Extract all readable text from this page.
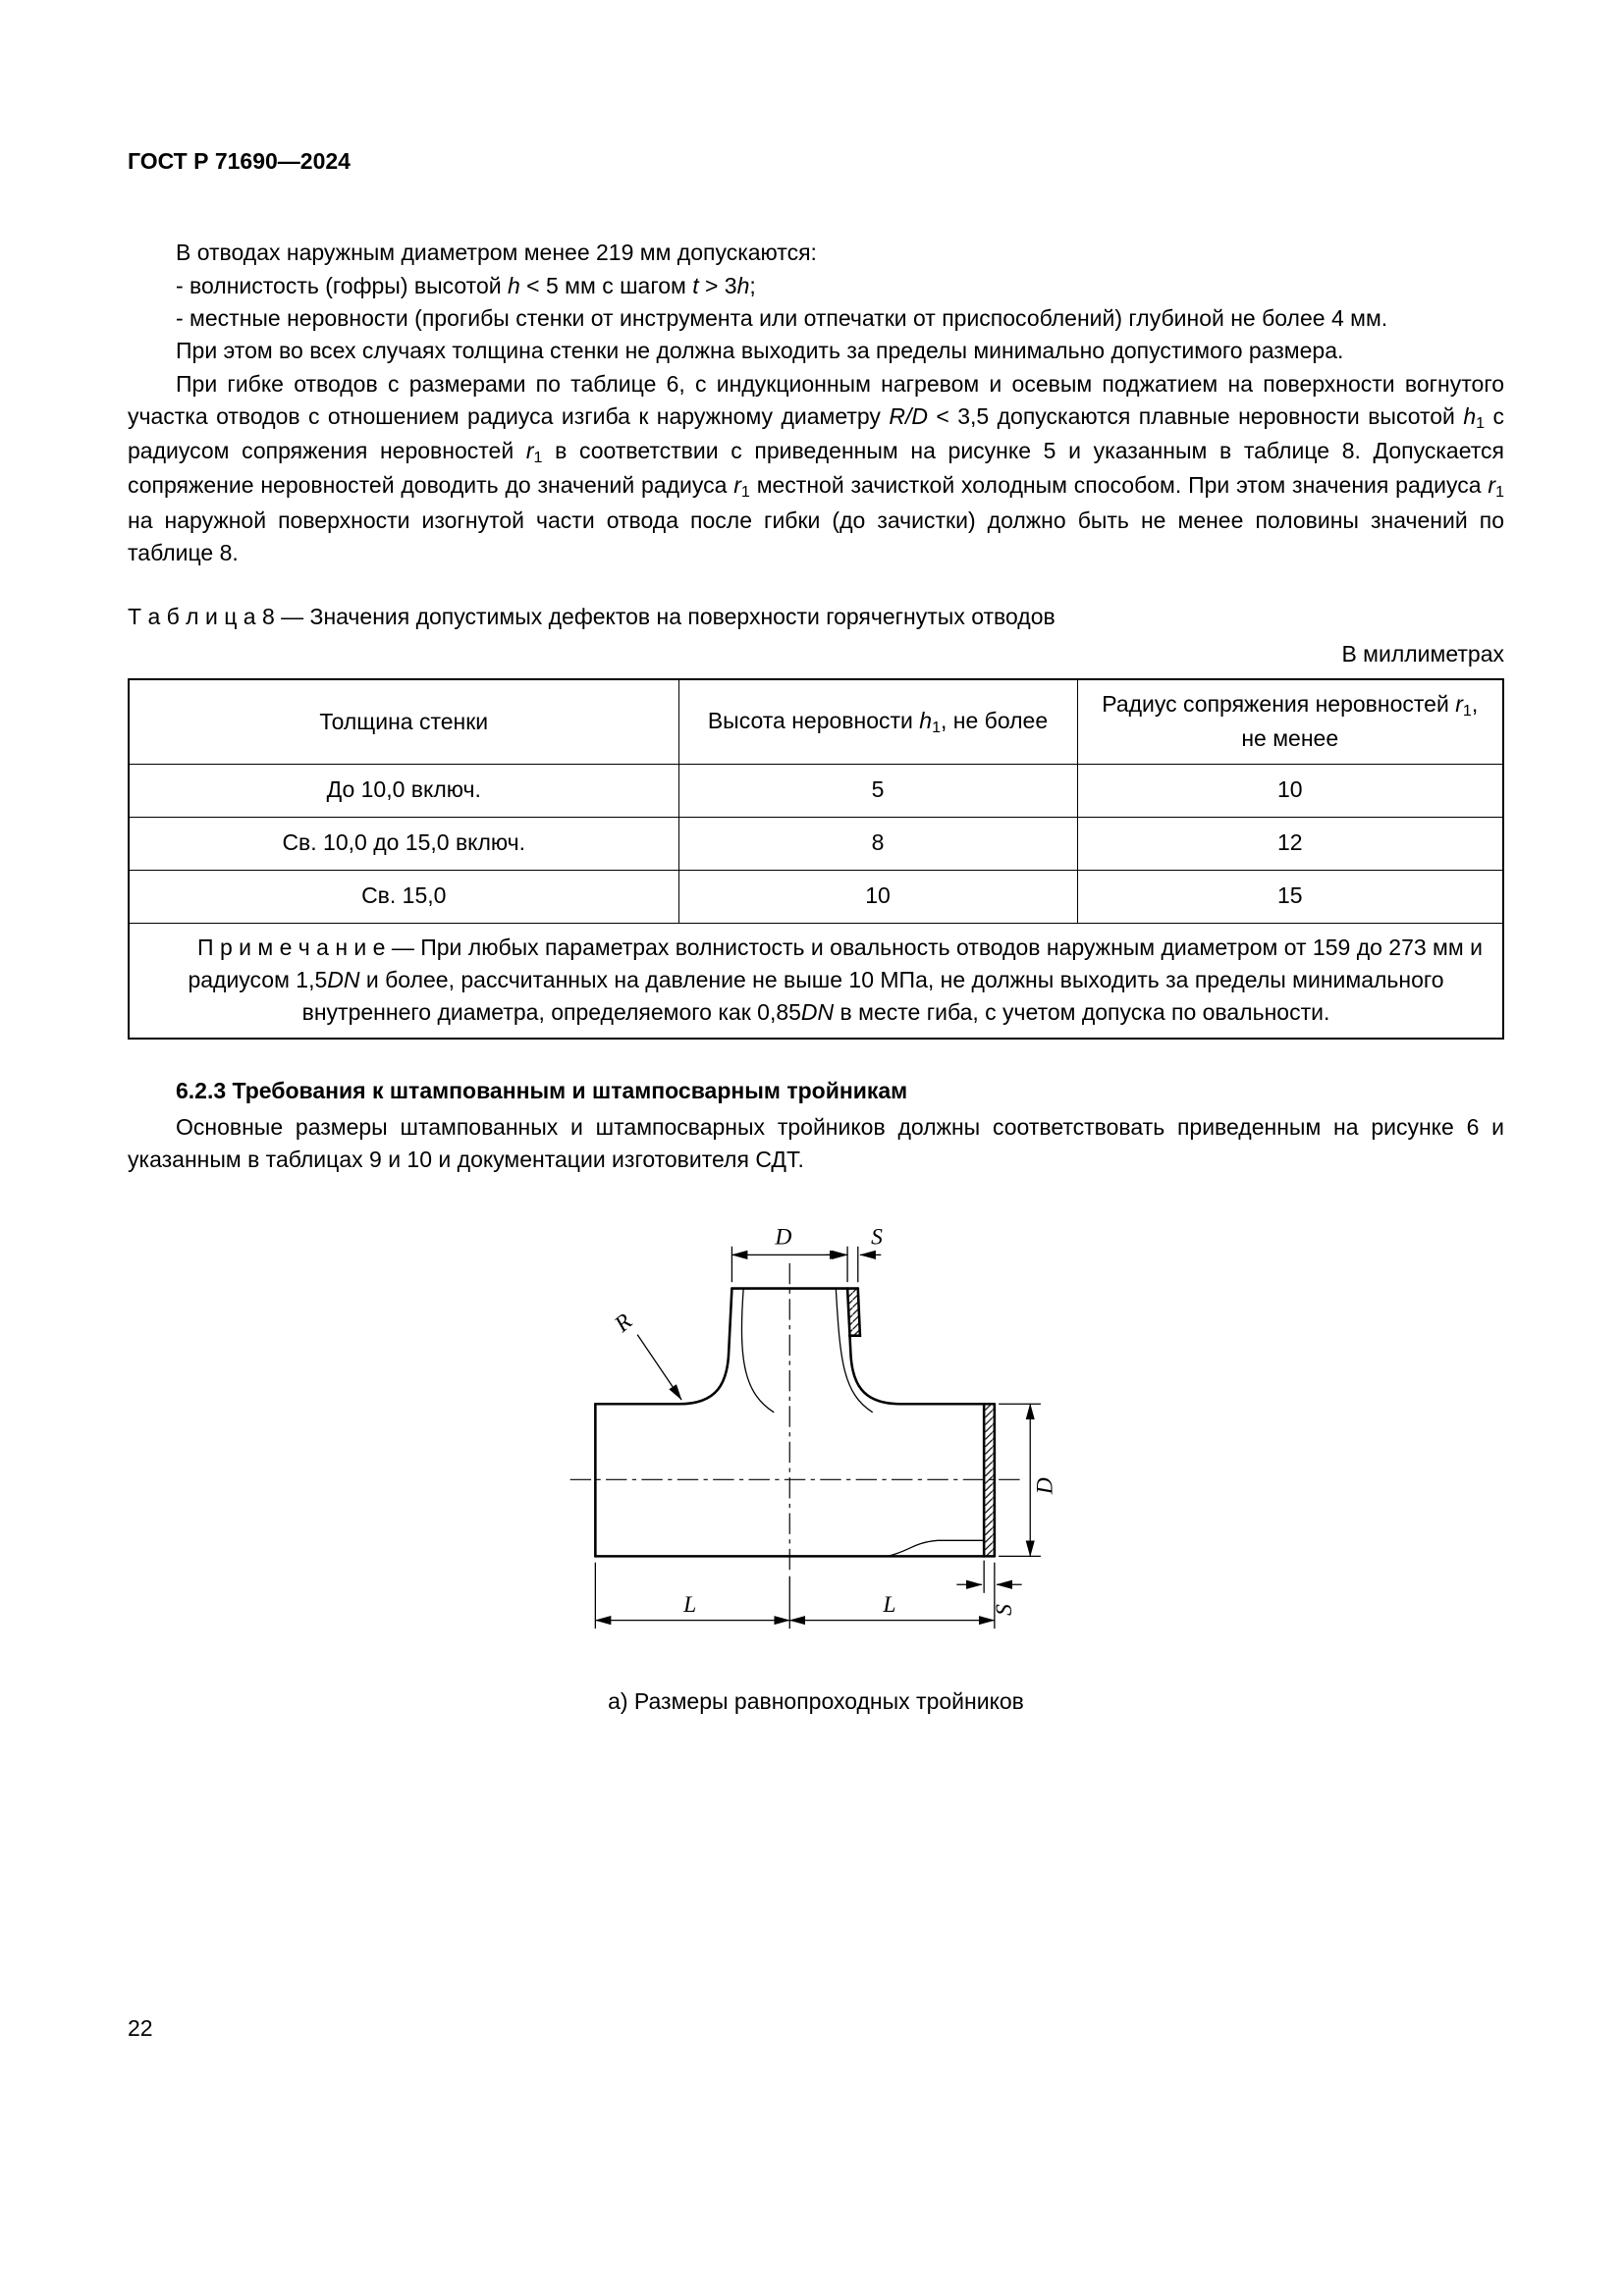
ГОСТ Р 71690—2024

В отводах наружным диаметром менее 219 мм допускаются:

- волнистость (гофры) высотой h < 5 мм с шагом t > 3h;

- местные неровности (прогибы стенки от инструмента или отпечатки от приспособлений) глубиной не более 4 мм.

При этом во всех случаях толщина стенки не должна выходить за пределы минимально допустимого размера.

При гибке отводов с размерами по таблице 6, с индукционным нагревом и осевым поджатием на поверхности вогнутого участка отводов с отношением радиуса изгиба к наружному диаметру R/D < 3,5 допускаются плавные неровности высотой $h_1$ с радиусом сопряжения неровностей $r_1$ в соответствии с приведенным на рисунке 5 и указанным в таблице 8. Допускается сопряжение неровностей доводить до значений радиуса $r_1$ местной зачисткой холодным способом. При этом значения радиуса $r_1$ на наружной поверхности изогнутой части отвода после гибки (до зачистки) должно быть не менее половины значений по таблице 8.

Т а б л и ц а 8 — Значения допустимых дефектов на поверхности горячегнутых отводов

В миллиметрах

Толщина стенки	Высота неровности $h_1$, не более	Радиус сопряжения неровностей $r_1$, не менее
До 10,0 включ.	5	10
Св. 10,0 до 15,0 включ.	8	12
Св. 15,0	10	15
П р и м е ч а н и е — При любых параметрах волнистость и овальность отводов наружным диаметром от 159 до 273 мм и радиусом 1,5DN и более, рассчитанных на давление не выше 10 МПа, не должны выходить за пределы минимального внутреннего диаметра, определяемого как 0,85DN в месте гиба, с учетом допуска по овальности.		

6.2.3 Требования к штампованным и штампосварным тройникам

Основные размеры штампованных и штампосварных тройников должны соответствовать приведенным на рисунке 6 и указанным в таблицах 9 и 10 и документации изготовителя СДТ.

D	S
R
D
S
L	L

а) Размеры равнопроходных тройников

22
